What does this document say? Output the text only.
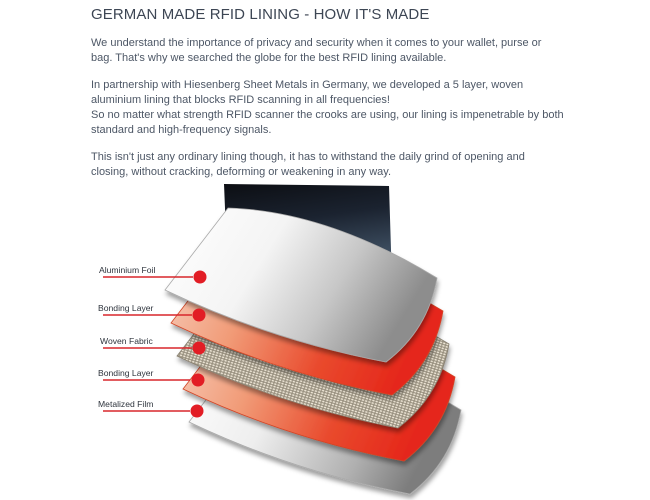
GERMAN MADE RFID LINING - HOW IT'S MADE
We understand the importance of privacy and security when it comes to your wallet, purse or bag. That's why we searched the globe for the best RFID lining available.
In partnership with Hiesenberg Sheet Metals in Germany, we developed a 5 layer, woven aluminium lining that blocks RFID scanning in all frequencies!
So no matter what strength RFID scanner the crooks are using, our lining is impenetrable by both standard and high-frequency signals.
This isn't just any ordinary lining though, it has to withstand the daily grind of opening and closing, without cracking, deforming or weakening in any way.
Aluminium Foil
Bonding Layer
Woven Fabric
Bonding Layer
Metalized Film
